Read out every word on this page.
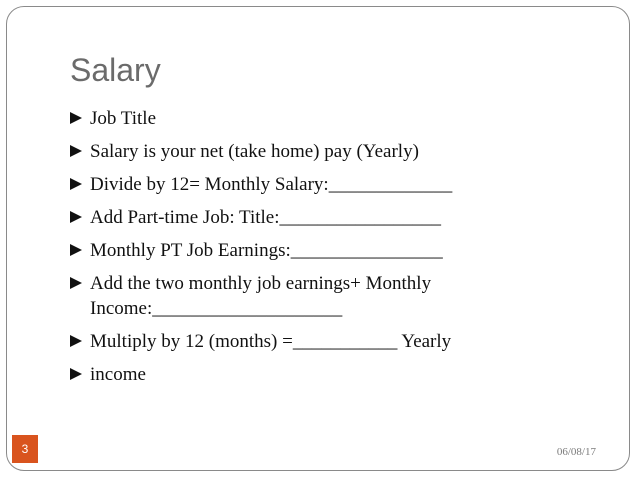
Salary
Job Title
Salary is your net (take home) pay (Yearly)
Divide by 12= Monthly Salary:_____________
Add Part-time Job: Title:_________________
Monthly PT Job Earnings:________________
Add the two monthly job earnings+ Monthly Income:____________________
Multiply by 12 (months) =___________ Yearly
income
3	06/08/17
